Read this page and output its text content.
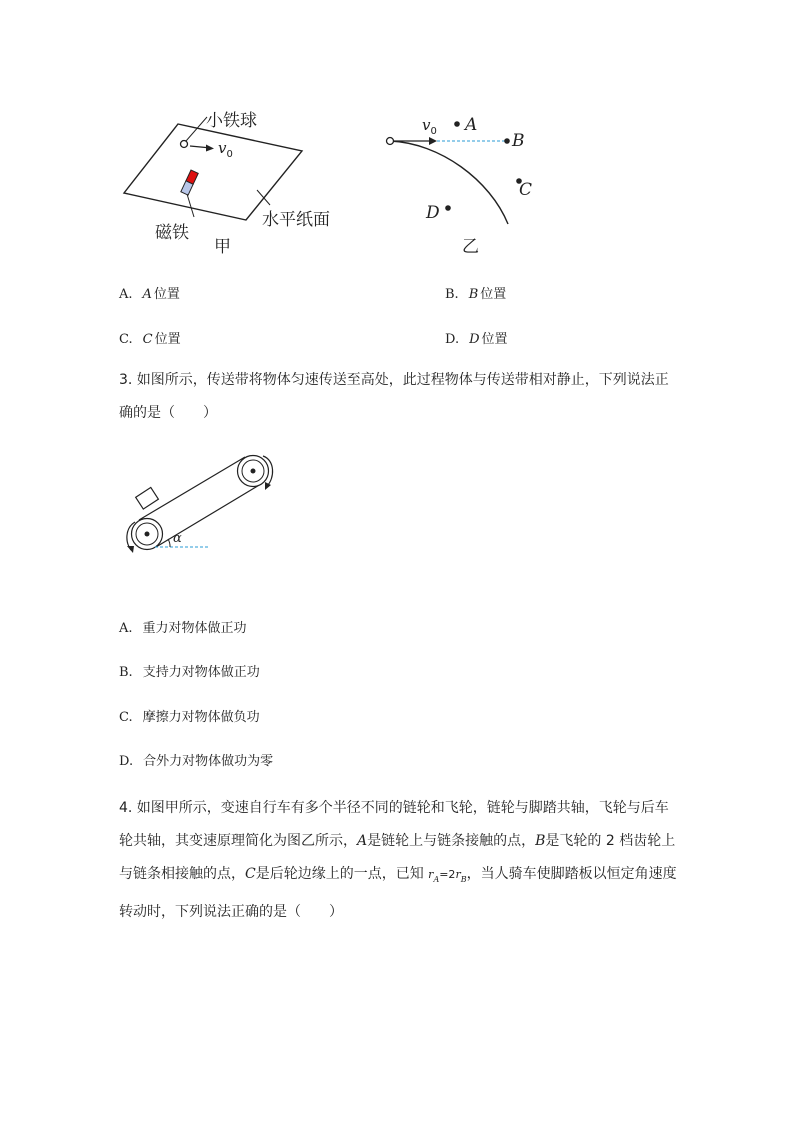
小铁球
$v_0$
磁铁
水平纸面
甲
$v_0$ A
B
C
D
乙
A. A 位置	B. B 位置
C. C 位置	D. D 位置
3. 如图所示，传送带将物体匀速传送至高处，此过程物体与传送带相对静止，下列说法正
确的是（　　）
α
A. 重力对物体做正功
B. 支持力对物体做正功
C. 摩擦力对物体做负功
D. 合外力对物体做功为零
4. 如图甲所示，变速自行车有多个半径不同的链轮和飞轮，链轮与脚踏共轴，飞轮与后车
轮共轴，其变速原理简化为图乙所示，A是链轮上与链条接触的点，B是飞轮的 2 档齿轮上
与链条相接触的点，C是后轮边缘上的一点，已知 $r_A=2r_B$，当人骑车使脚踏板以恒定角速度
转动时，下列说法正确的是（　　）
